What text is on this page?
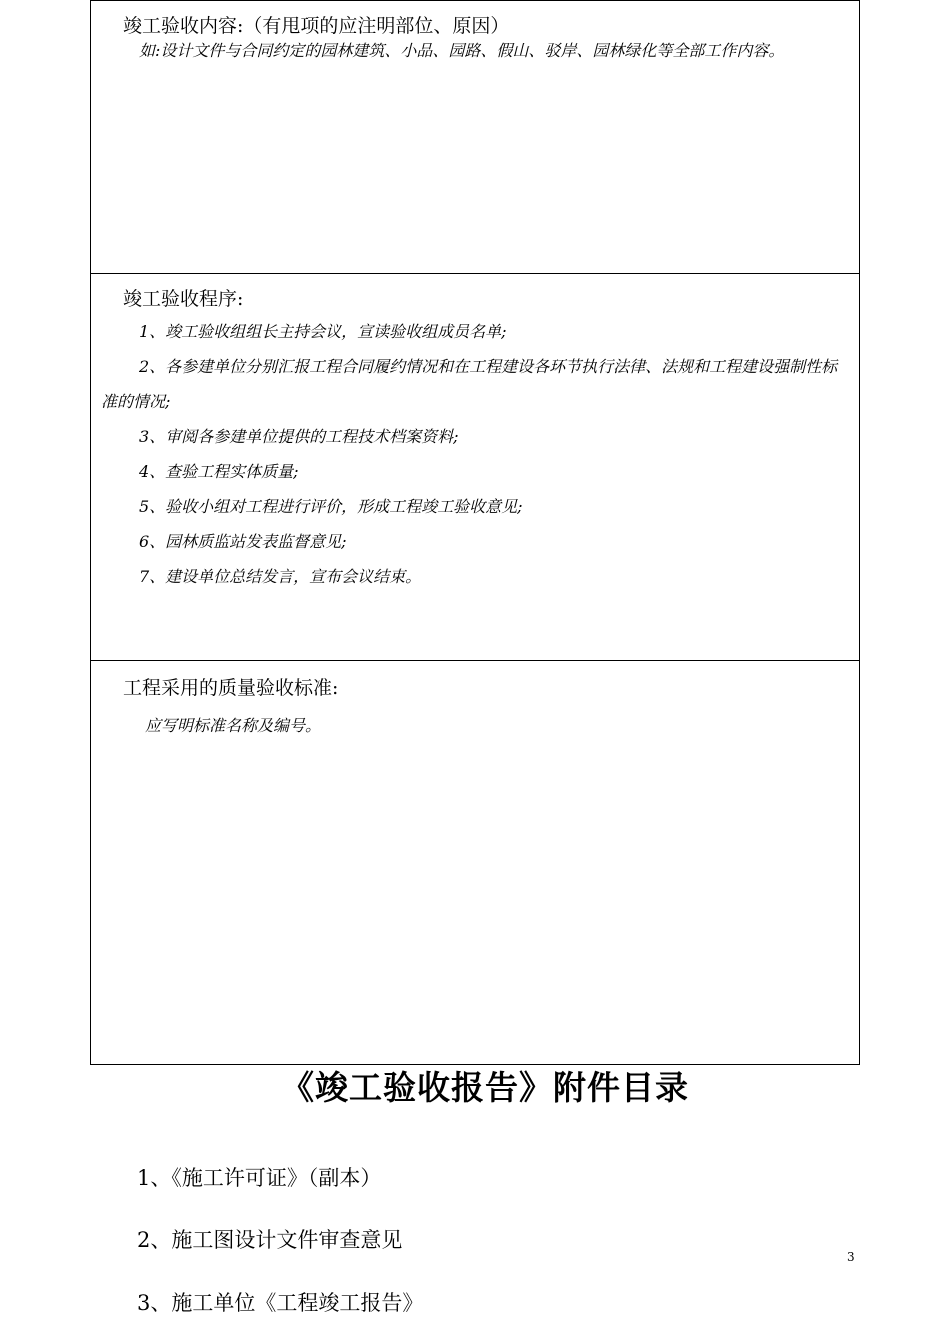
竣工验收内容:（有甩项的应注明部位、原因）
如:设计文件与合同约定的园林建筑、小品、园路、假山、驳岸、园林绿化等全部工作内容。
竣工验收程序:
1、竣工验收组组长主持会议，宣读验收组成员名单;
2、各参建单位分别汇报工程合同履约情况和在工程建设各环节执行法律、法规和工程建设强制性标准的情况;
3、审阅各参建单位提供的工程技术档案资料;
4、查验工程实体质量;
5、验收小组对工程进行评价，形成工程竣工验收意见;
6、园林质监站发表监督意见;
7、建设单位总结发言，宣布会议结束。
工程采用的质量验收标准:
应写明标准名称及编号。
《竣工验收报告》附件目录
1、《施工许可证》（副本）
2、施工图设计文件审查意见
3、施工单位《工程竣工报告》
3
